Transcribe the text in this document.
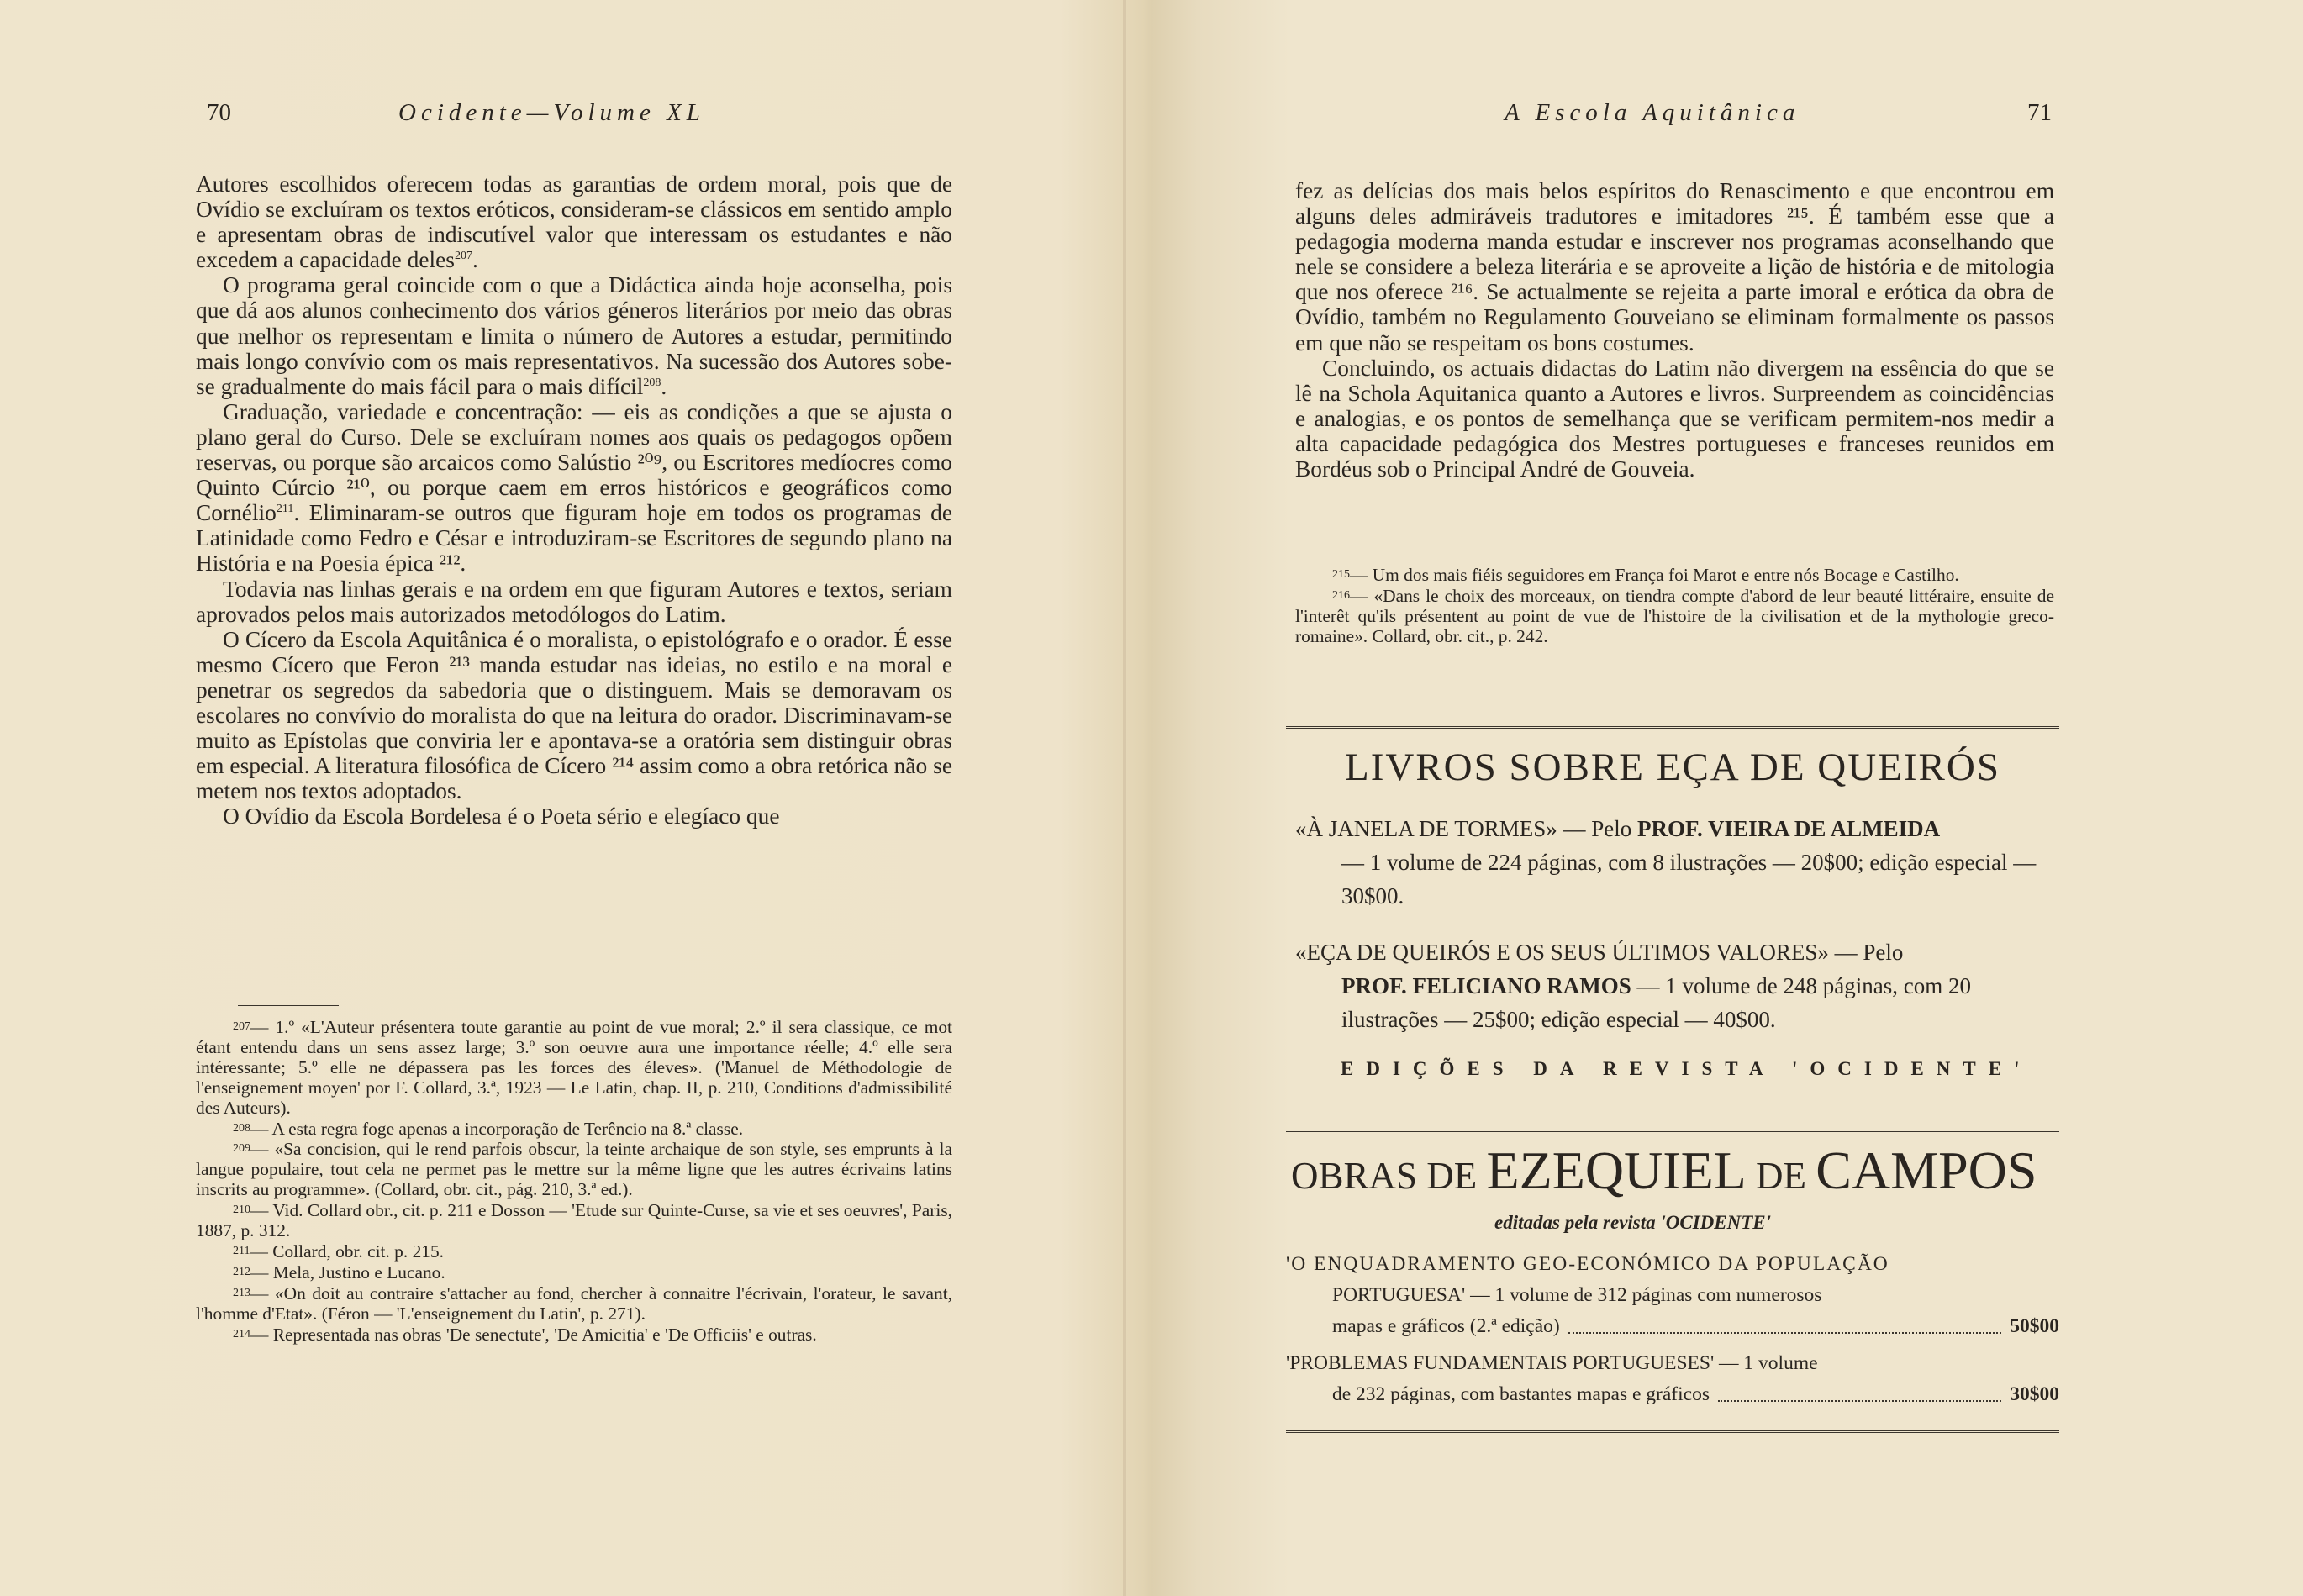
70	Ocidente—Volume XL

Autores escolhidos oferecem todas as garantias de ordem moral, pois que de Ovídio se excluíram os textos eróticos, consideram-se clássicos em sentido amplo e apresentam obras de indiscutível valor que interessam os estudantes e não excedem a capacidade deles$^{207}$.

O programa geral coincide com o que a Didáctica ainda hoje aconselha, pois que dá aos alunos conhecimento dos vários géneros literários por meio das obras que melhor os representam e limita o número de Autores a estudar, permitindo mais longo convívio com os mais representativos. Na sucessão dos Autores sobe-se gradualmente do mais fácil para o mais difícil$^{208}$.

Graduação, variedade e concentração: — eis as condições a que se ajusta o plano geral do Curso. Dele se excluíram nomes aos quais os pedagogos opõem reservas, ou porque são arcaicos como Salústio ²⁰⁹, ou Escritores medíocres como Quinto Cúrcio ²¹⁰, ou porque caem em erros históricos e geográficos como Cornélio$^{211}$. Eliminaram-se outros que figuram hoje em todos os programas de Latinidade como Fedro e César e introduziram-se Escritores de segundo plano na História e na Poesia épica ²¹².

Todavia nas linhas gerais e na ordem em que figuram Autores e textos, seriam aprovados pelos mais autorizados metodólogos do Latim.

O Cícero da Escola Aquitânica é o moralista, o epistológrafo e o orador. É esse mesmo Cícero que Feron ²¹³ manda estudar nas ideias, no estilo e na moral e penetrar os segredos da sabedoria que o distinguem. Mais se demoravam os escolares no convívio do moralista do que na leitura do orador. Discriminavam-se muito as Epístolas que conviria ler e apontava-se a oratória sem distinguir obras em especial. A literatura filosófica de Cícero ²¹⁴ assim como a obra retórica não se metem nos textos adoptados.

O Ovídio da Escola Bordelesa é o Poeta sério e elegíaco que

207— 1.º «L'Auteur présentera toute garantie au point de vue moral; 2.º il sera classique, ce mot étant entendu dans un sens assez large; 3.º son oeuvre aura une importance réelle; 4.º elle sera intéressante; 5.º elle ne dépassera pas les forces des éleves». ('Manuel de Méthodologie de l'enseignement moyen' por F. Collard, 3.ª, 1923 — Le Latin, chap. II, p. 210, Conditions d'admissibilité des Auteurs).

208— A esta regra foge apenas a incorporação de Terêncio na 8.ª classe.

209— «Sa concision, qui le rend parfois obscur, la teinte archaique de son style, ses emprunts à la langue populaire, tout cela ne permet pas le mettre sur la même ligne que les autres écrivains latins inscrits au programme». (Collard, obr. cit., pág. 210, 3.ª ed.).

210— Vid. Collard obr., cit. p. 211 e Dosson — 'Etude sur Quinte-Curse, sa vie et ses oeuvres', Paris, 1887, p. 312.

211— Collard, obr. cit. p. 215.

212— Mela, Justino e Lucano.

213— «On doit au contraire s'attacher au fond, chercher à connaitre l'écrivain, l'orateur, le savant, l'homme d'Etat». (Féron — 'L'enseignement du Latin', p. 271).

214— Representada nas obras 'De senectute', 'De Amicitia' e 'De Officiis' e outras.

A Escola Aquitânica	71

fez as delícias dos mais belos espíritos do Renascimento e que encontrou em alguns deles admiráveis tradutores e imitadores ²¹⁵. É também esse que a pedagogia moderna manda estudar e inscrever nos programas aconselhando que nele se considere a beleza literária e se aproveite a lição de história e de mitologia que nos oferece ²¹⁶. Se actualmente se rejeita a parte imoral e erótica da obra de Ovídio, também no Regulamento Gouveiano se eliminam formalmente os passos em que não se respeitam os bons costumes.

Concluindo, os actuais didactas do Latim não divergem na essência do que se lê na Schola Aquitanica quanto a Autores e livros. Surpreendem as coincidências e analogias, e os pontos de semelhança que se verificam permitem-nos medir a alta capacidade pedagógica dos Mestres portugueses e franceses reunidos em Bordéus sob o Principal André de Gouveia.

215— Um dos mais fiéis seguidores em França foi Marot e entre nós Bocage e Castilho.

216— «Dans le choix des morceaux, on tiendra compte d'abord de leur beauté littéraire, ensuite de l'interêt qu'ils présentent au point de vue de l'histoire de la civilisation et de la mythologie greco-romaine». Collard, obr. cit., p. 242.

LIVROS SOBRE EÇA DE QUEIRÓS

«À JANELA DE TORMES» — Pelo PROF. VIEIRA DE ALMEIDA

— 1 volume de 224 páginas, com 8 ilustrações — 20$00; edição especial — 30$00.

«EÇA DE QUEIRÓS E OS SEUS ÚLTIMOS VALORES» — Pelo

PROF. FELICIANO RAMOS — 1 volume de 248 páginas, com 20 ilustrações — 25$00; edição especial — 40$00.

EDIÇÕES DA REVISTA 'OCIDENTE'
OBRAS DE EZEQUIEL DE CAMPOS
editadas pela revista 'OCIDENTE'

'O ENQUADRAMENTO GEO-ECONÓMICO DA POPULAÇÃO

PORTUGUESA' — 1 volume de 312 páginas com numerosos

mapas e gráficos (2.ª edição)	50$00

'PROBLEMAS FUNDAMENTAIS PORTUGUESES' — 1 volume

de 232 páginas, com bastantes mapas e gráficos	30$00
